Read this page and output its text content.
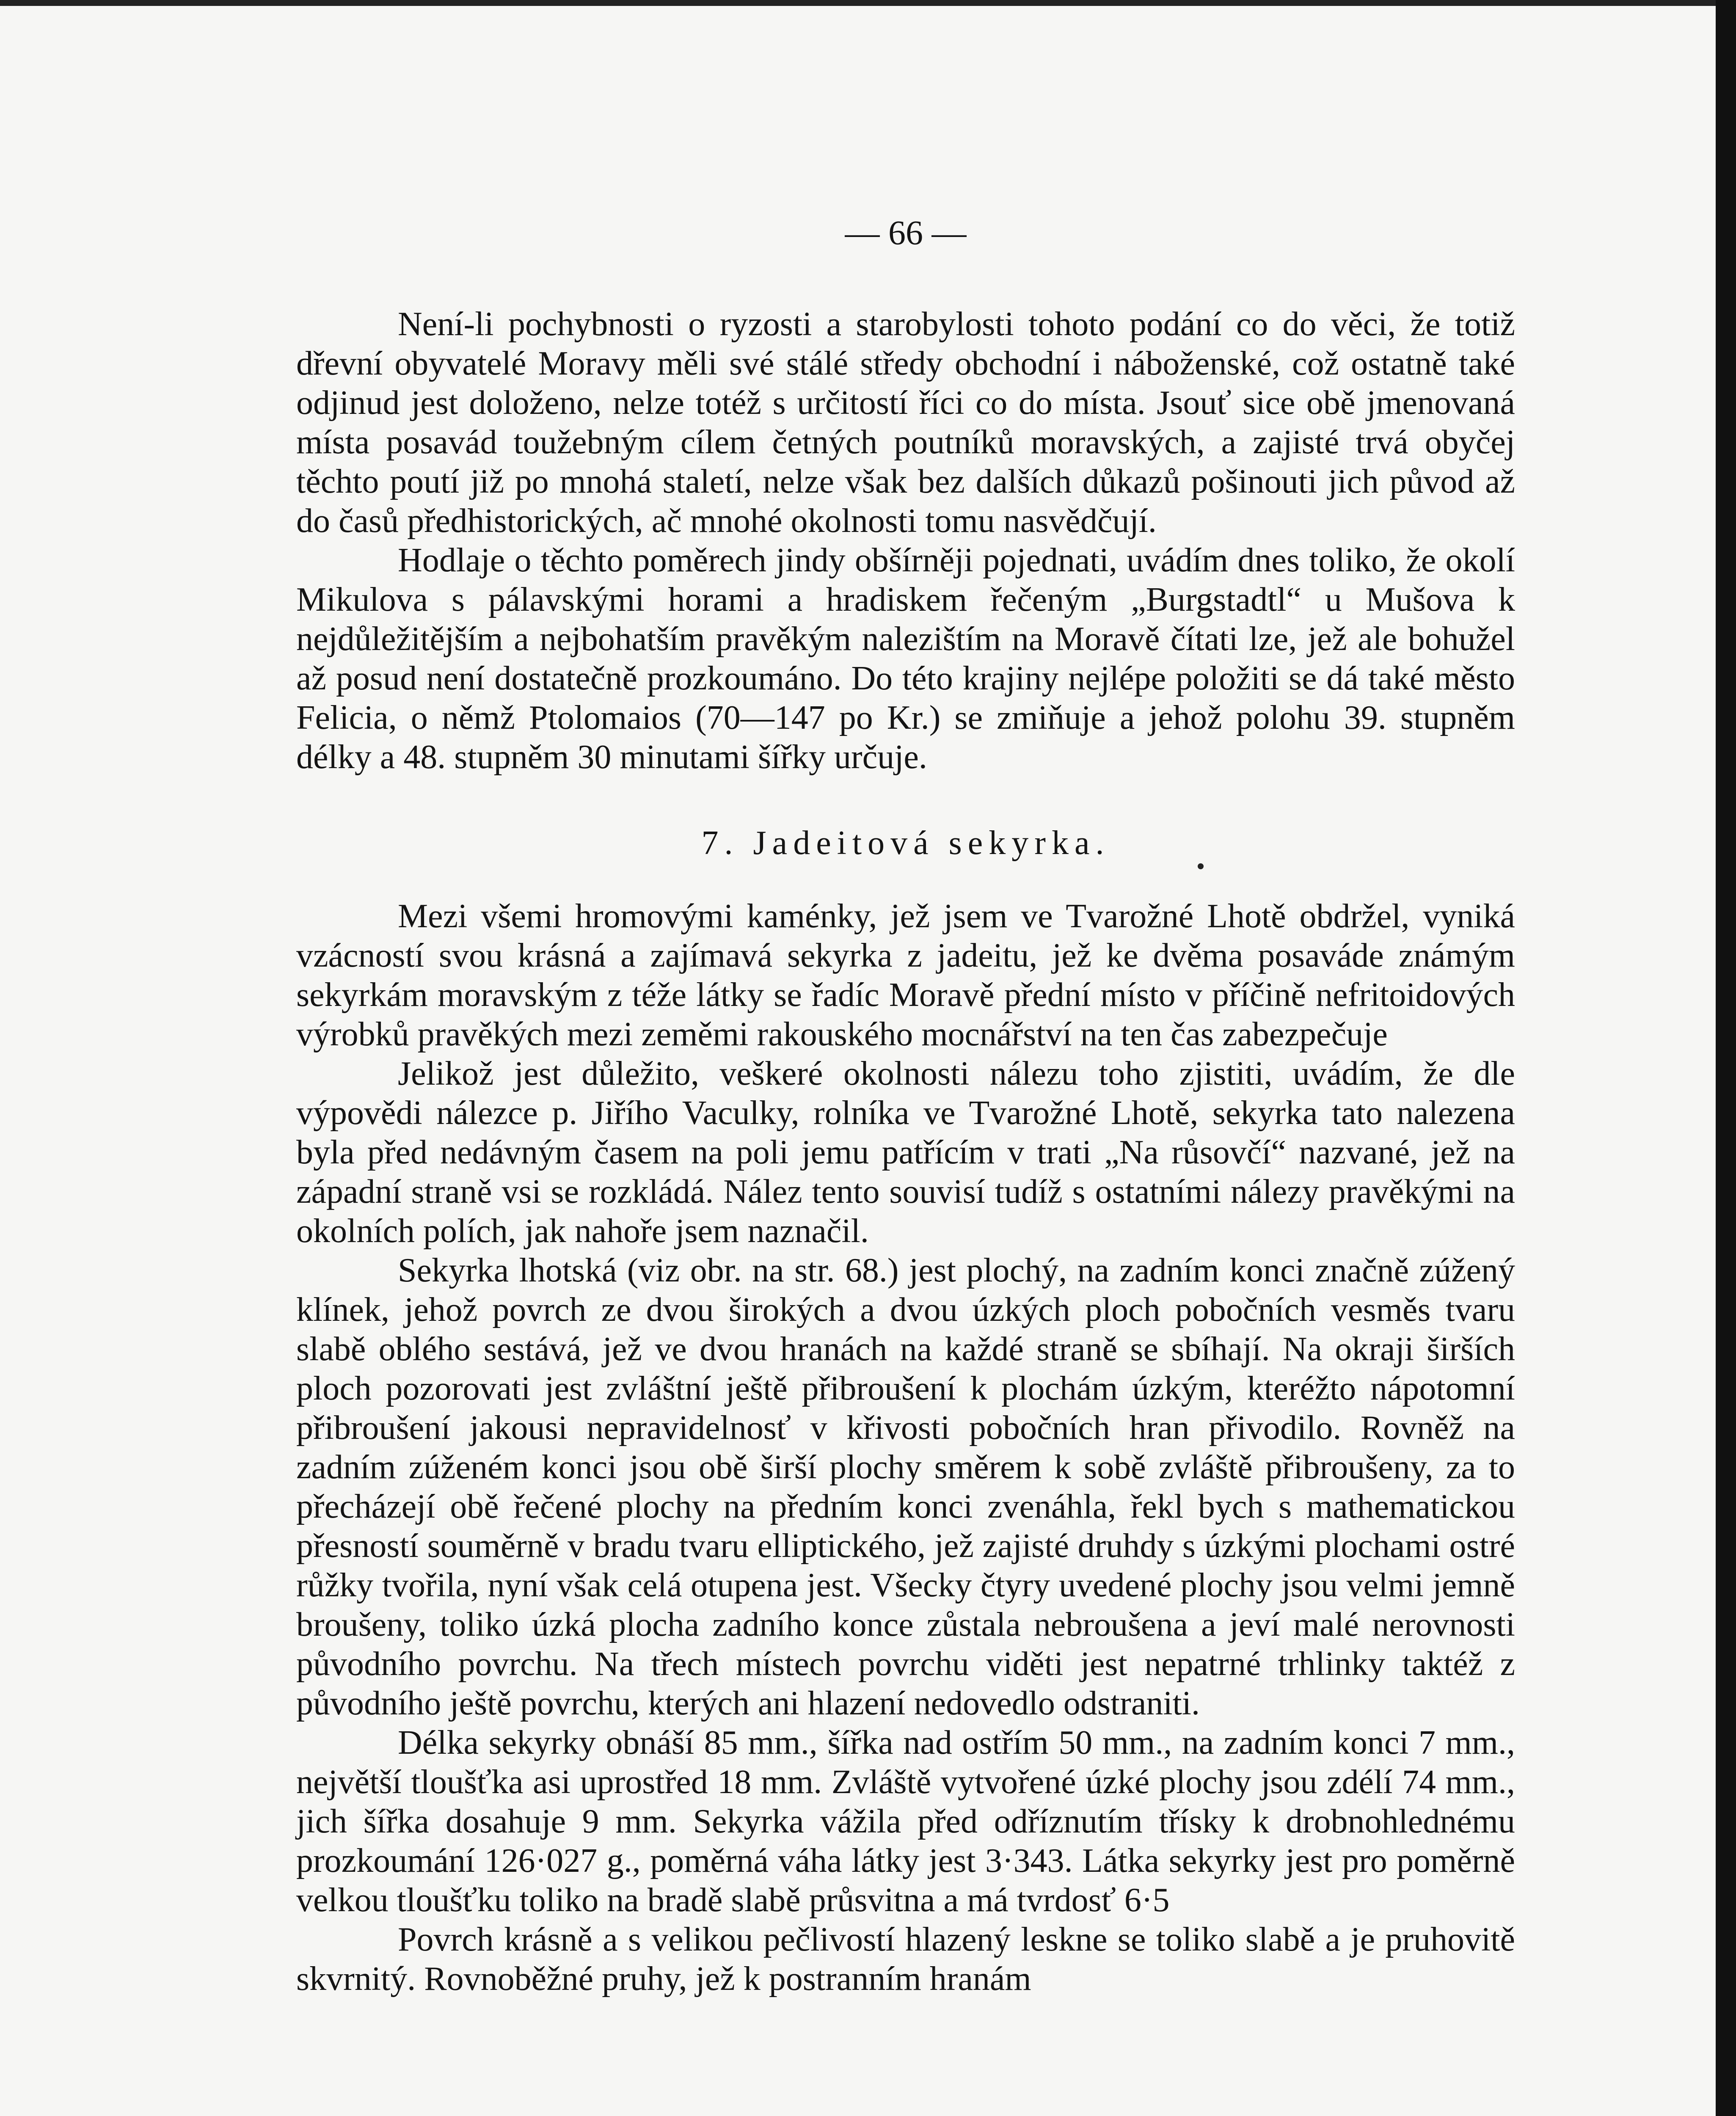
— 66 —

Není-li pochybnosti o ryzosti a starobylosti tohoto podání co do věci, že totiž dřevní obyvatelé Moravy měli své stálé středy obchodní i náboženské, což ostatně také odjinud jest doloženo, nelze totéž s určitostí říci co do místa. Jsouť sice obě jmenovaná místa posavád toužebným cílem četných poutníků moravských, a zajisté trvá obyčej těchto poutí již po mnohá staletí, nelze však bez dalších důkazů pošinouti jich původ až do časů předhistorických, ač mnohé okolnosti tomu nasvědčují.

Hodlaje o těchto poměrech jindy obšírněji pojednati, uvádím dnes toliko, že okolí Mikulova s pálavskými horami a hradiskem řečeným „Burgstadtl“ u Mušova k nejdůležitějším a nejbohatším pravěkým nalezištím na Moravě čítati lze, jež ale bohužel až posud není dostatečně prozkoumáno. Do této krajiny nejlépe položiti se dá také město Felicia, o němž Ptolomaios (70—147 po Kr.) se zmiňuje a jehož polohu 39. stupněm délky a 48. stupněm 30 minutami šířky určuje.

7. Jadeitová sekyrka.

Mezi všemi hromovými kaménky, jež jsem ve Tvarožné Lhotě obdržel, vyniká vzácností svou krásná a zajímavá sekyrka z jadeitu, jež ke dvěma posaváde známým sekyrkám moravským z téže látky se řadíc Moravě přední místo v příčině nefritoidových výrobků pravěkých mezi zeměmi rakouského mocnářství na ten čas zabezpečuje

Jelikož jest důležito, veškeré okolnosti nálezu toho zjistiti, uvádím, že dle výpovědi nálezce p. Jiřího Vaculky, rolníka ve Tvarožné Lhotě, sekyrka tato nalezena byla před nedávným časem na poli jemu patřícím v trati „Na růsovčí“ nazvané, jež na západní straně vsi se rozkládá. Nález tento souvisí tudíž s ostatními nálezy pravěkými na okolních polích, jak nahoře jsem naznačil.

Sekyrka lhotská (viz obr. na str. 68.) jest plochý, na zadním konci značně zúžený klínek, jehož povrch ze dvou širokých a dvou úzkých ploch pobočních vesměs tvaru slabě oblého sestává, jež ve dvou hranách na každé straně se sbíhají. Na okraji širších ploch pozorovati jest zvláštní ještě přibroušení k plochám úzkým, kteréžto nápotomní přibroušení jakousi nepravidelnosť v křivosti pobočních hran přivodilo. Rovněž na zadním zúženém konci jsou obě širší plochy směrem k sobě zvláště přibroušeny, za to přecházejí obě řečené plochy na předním konci zvenáhla, řekl bych s mathematickou přesností souměrně v bradu tvaru elliptického, jež zajisté druhdy s úzkými plochami ostré růžky tvořila, nyní však celá otupena jest. Všecky čtyry uvedené plochy jsou velmi jemně broušeny, toliko úzká plocha zadního konce zůstala nebroušena a jeví malé nerovnosti původního povrchu. Na třech místech povrchu viděti jest nepatrné trhlinky taktéž z původního ještě povrchu, kterých ani hlazení nedovedlo odstraniti.

Délka sekyrky obnáší 85 mm., šířka nad ostřím 50 mm., na zadním konci 7 mm., největší tloušťka asi uprostřed 18 mm. Zvláště vytvořené úzké plochy jsou zdélí 74 mm., jich šířka dosahuje 9 mm. Sekyrka vážila před odříznutím třísky k drobnohlednému prozkoumání 126·027 g., poměrná váha látky jest 3·343. Látka sekyrky jest pro poměrně velkou tloušťku toliko na bradě slabě průsvitna a má tvrdosť 6·5

Povrch krásně a s velikou pečlivostí hlazený leskne se toliko slabě a je pruhovitě skvrnitý. Rovnoběžné pruhy, jež k postranním hranám
